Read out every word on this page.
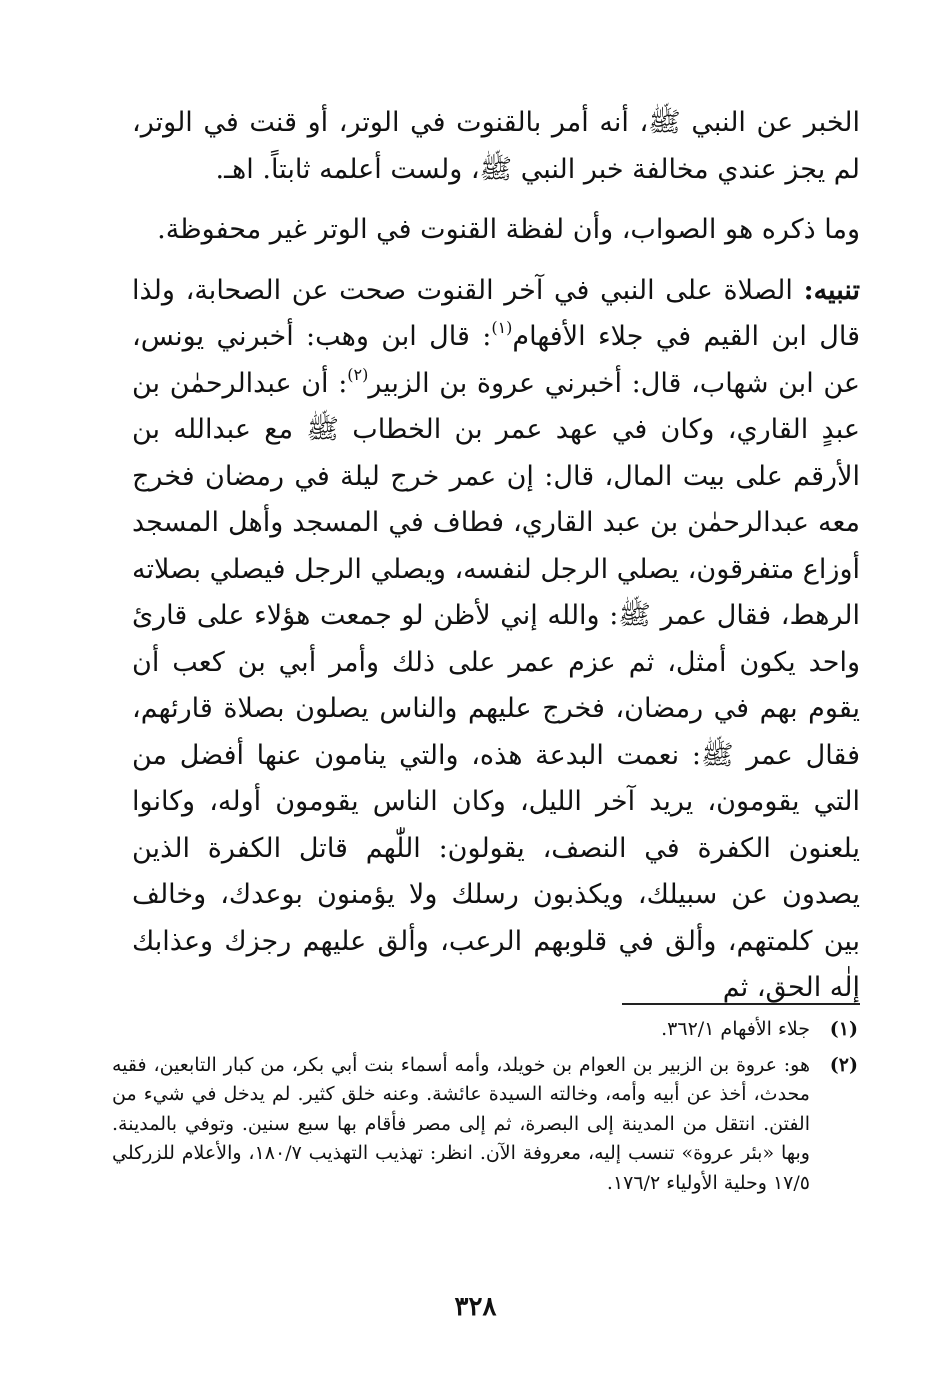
الخبر عن النبي ﷺ، أنه أمر بالقنوت في الوتر، أو قنت في الوتر، لم يجز عندي مخالفة خبر النبي ﷺ، ولست أعلمه ثابتاً. اهـ.

وما ذكره هو الصواب، وأن لفظة القنوت في الوتر غير محفوظة.

تنبيه: الصلاة على النبي في آخر القنوت صحت عن الصحابة، ولذا قال ابن القيم في جلاء الأفهام$^{(١)}$: قال ابن وهب: أخبرني يونس، عن ابن شهاب، قال: أخبرني عروة بن الزبير$^{(٢)}$: أن عبدالرحمٰن بن عبدٍ القاري، وكان في عهد عمر بن الخطاب ﷺ مع عبدالله بن الأرقم على بيت المال، قال: إن عمر خرج ليلة في رمضان فخرج معه عبدالرحمٰن بن عبد القاري، فطاف في المسجد وأهل المسجد أوزاع متفرقون، يصلي الرجل لنفسه، ويصلي الرجل فيصلي بصلاته الرهط، فقال عمر ﷺ: والله إني لأظن لو جمعت هؤلاء على قارئ واحد يكون أمثل، ثم عزم عمر على ذلك وأمر أبي بن كعب أن يقوم بهم في رمضان، فخرج عليهم والناس يصلون بصلاة قارئهم، فقال عمر ﷺ: نعمت البدعة هذه، والتي ينامون عنها أفضل من التي يقومون، يريد آخر الليل، وكان الناس يقومون أوله، وكانوا يلعنون الكفرة في النصف، يقولون: اللّٰهم قاتل الكفرة الذين يصدون عن سبيلك، ويكذبون رسلك ولا يؤمنون بوعدك، وخالف بين كلمتهم، وألق في قلوبهم الرعب، وألق عليهم رجزك وعذابك إلٰه الحق، ثم

(١)
جلاء الأفهام ٣٦٢/١.
(٢)
هو: عروة بن الزبير بن العوام بن خويلد، وأمه أسماء بنت أبي بكر، من كبار التابعين، فقيه محدث، أخذ عن أبيه وأمه، وخالته السيدة عائشة. وعنه خلق كثير. لم يدخل في شيء من الفتن. انتقل من المدينة إلى البصرة، ثم إلى مصر فأقام بها سبع سنين. وتوفي بالمدينة. وبها «بئر عروة» تنسب إليه، معروفة الآن. انظر: تهذيب التهذيب ١٨٠/٧، والأعلام للزركلي ١٧/٥ وحلية الأولياء ١٧٦/٢.
٣٢٨
